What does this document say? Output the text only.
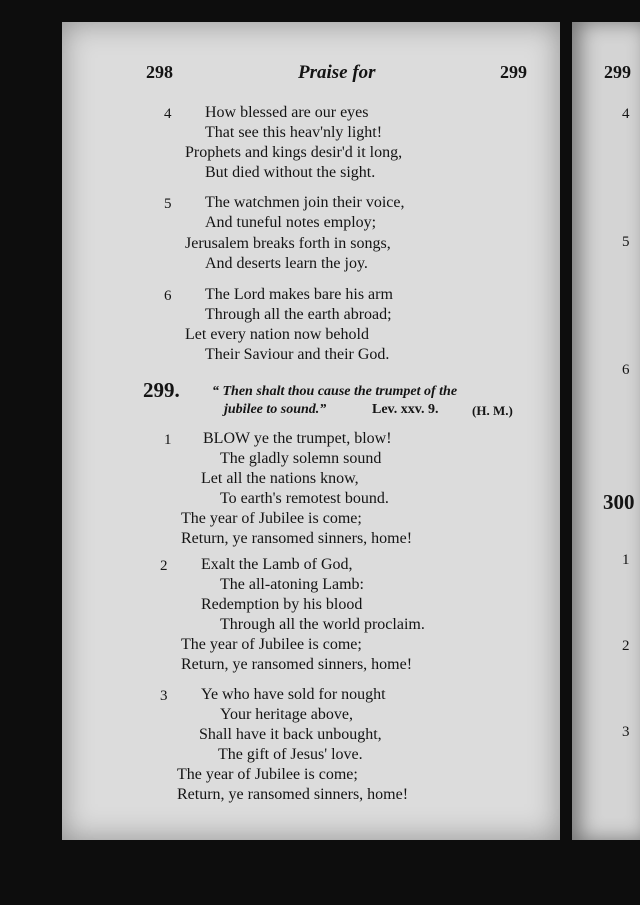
298	Praise for	299	299
4 How blessed are our eyes
That see this heav'nly light!
Prophets and kings desir'd it long,
But died without the sight.
5 The watchmen join their voice,
And tuneful notes employ;
Jerusalem breaks forth in songs,
And deserts learn the joy.
6 The Lord makes bare his arm
Through all the earth abroad;
Let every nation now behold
Their Saviour and their God.
299. “ Then shalt thou cause the trumpet of the
jubilee to sound.”	Lev. xxv. 9.	(H. M.)
1 BLOW ye the trumpet, blow!
The gladly solemn sound
Let all the nations know,
To earth's remotest bound.
The year of Jubilee is come;
Return, ye ransomed sinners, home!
2 Exalt the Lamb of God,
The all-atoning Lamb:
Redemption by his blood
Through all the world proclaim.
The year of Jubilee is come;
Return, ye ransomed sinners, home!
3 Ye who have sold for nought
Your heritage above,
Shall have it back unbought,
The gift of Jesus' love.
The year of Jubilee is come;
Return, ye ransomed sinners, home!
4
5
6
300
1
2
3
